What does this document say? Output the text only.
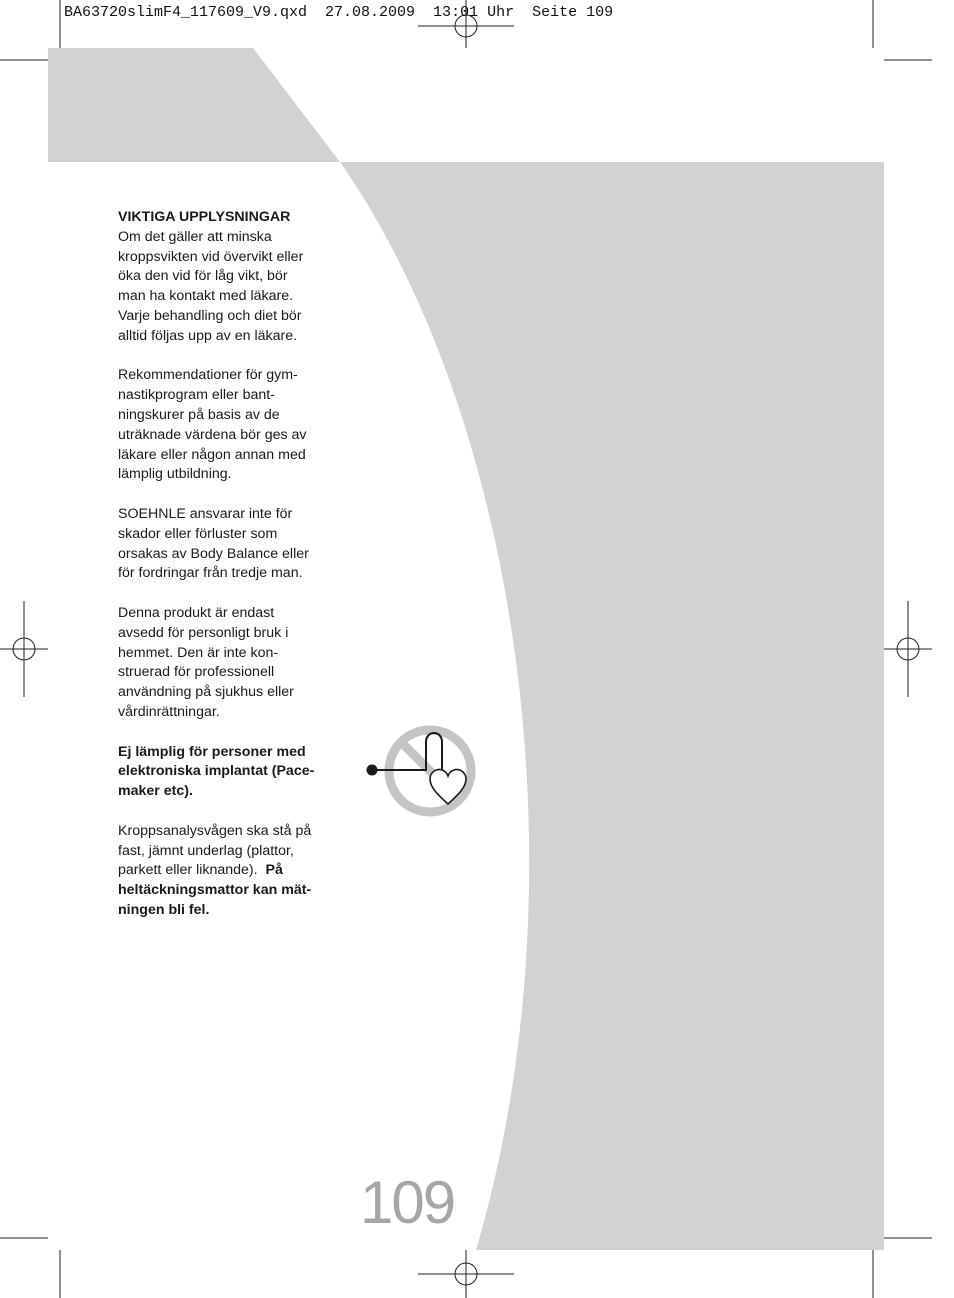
BA63720slimF4_117609_V9.qxd  27.08.2009  13:01 Uhr  Seite 109

VIKTIGA UPPLYSNINGAR
Om det gäller att minska
kroppsvikten vid övervikt eller
öka den vid för låg vikt, bör
man ha kontakt med läkare.
Varje behandling och diet bör
alltid följas upp av en läkare.

Rekommendationer för gym-
nastikprogram eller bant-
ningskurer på basis av de
uträknade värdena bör ges av
läkare eller någon annan med
lämplig utbildning.

SOEHNLE ansvarar inte för
skador eller förluster som
orsakas av Body Balance eller
för fordringar från tredje man.

Denna produkt är endast
avsedd för personligt bruk i
hemmet. Den är inte kon-
struerad för professionell
användning på sjukhus eller
vårdinrättningar.

Ej lämplig för personer med
elektroniska implantat (Pace-
maker etc).

Kroppsanalysvågen ska stå på
fast, jämnt underlag (plattor,
parkett eller liknande). På
heltäckningsmattor kan mät-
ningen bli fel.

109
